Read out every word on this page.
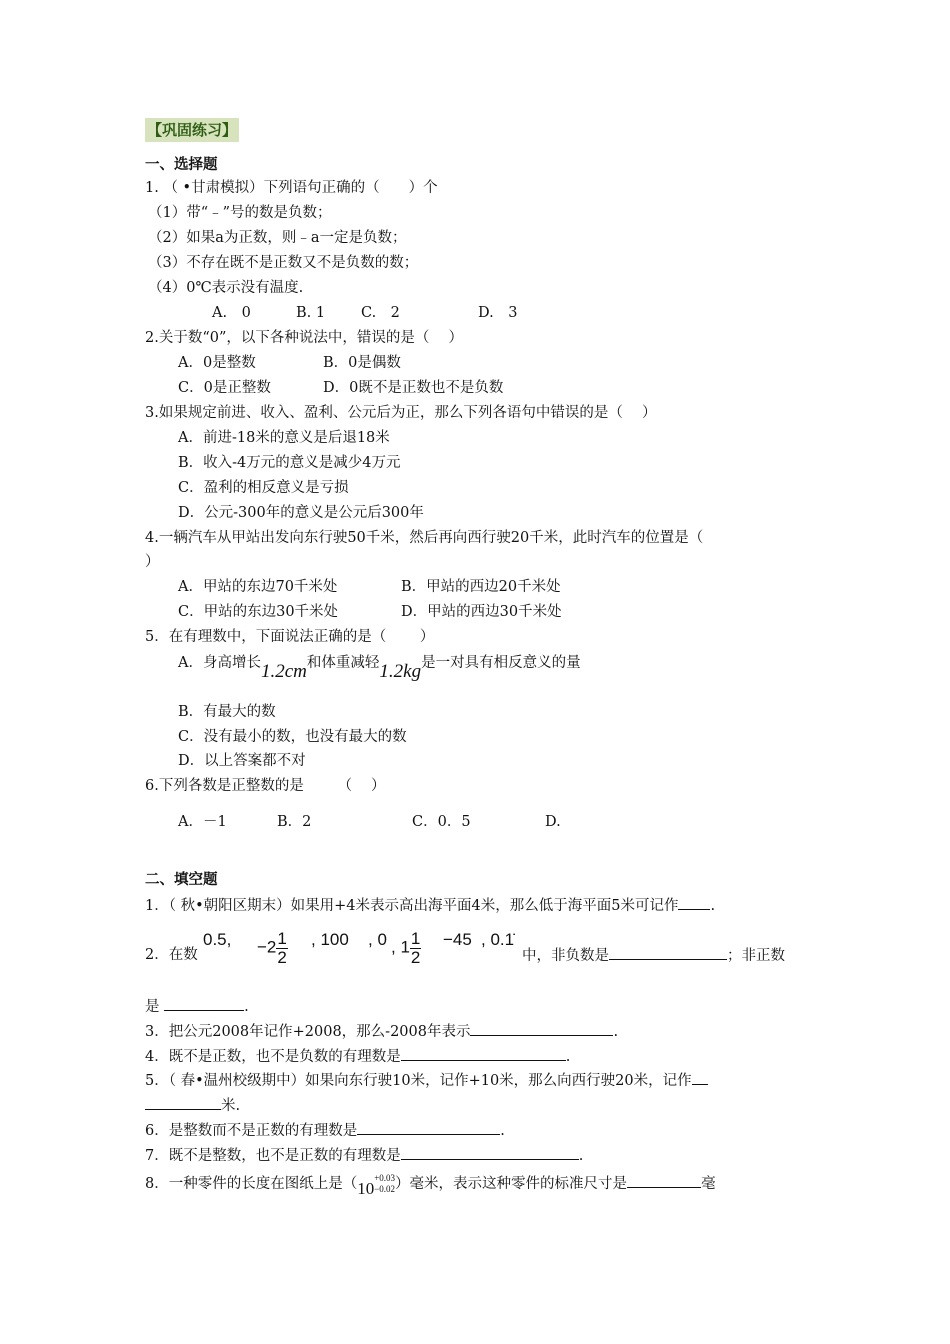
【巩固练习】
一、选择题
1. （ •甘肃模拟）下列语句正确的（　　）个
（1）带“﹣”号的数是负数；
（2）如果a为正数，则﹣a一定是负数；
（3）不存在既不是正数又不是负数的数；
（4）0℃表示没有温度.
A.　0	B. 1 C.　2	D.　3
2.关于数“0”，以下各种说法中，错误的是（　 ）
A．0是整数	B．0是偶数
C．0是正整数	D．0既不是正数也不是负数
3.如果规定前进、收入、盈利、公元后为正，那么下列各语句中错误的是（　 ）
A．前进-18米的意义是后退18米
B．收入-4万元的意义是减少4万元
C．盈利的相反意义是亏损
D．公元-300年的意义是公元后300年
4.一辆汽车从甲站出发向东行驶50千米，然后再向西行驶20千米，此时汽车的位置是（
）
A．甲站的东边70千米处	B．甲站的西边20千米处
C．甲站的东边30千米处	D．甲站的西边30千米处
5．在有理数中，下面说法正确的是（　　 ）
A．身高增长1.2cm和体重减轻1.2kg是一对具有相反意义的量
B．有最大的数
C．没有最小的数，也没有最大的数
D．以上答案都不对
6.下列各数是正整数的是　　 （　 ）
A．－1	B．2	C．0．5	D.
二、填空题
1．（ 秋•朝阳区期末）如果用+4米表示高出海平面4米，那么低于海平面5米可记作 .
2．在数
0.5, $-2 \frac{1}{2}$ , 100 , 0 , $1 \frac{1}{2} -45$ , 0.1̇
中，非负数是	；非正数
是	.
3．把公元2008年记作+2008，那么-2008年表示	.
4．既不是正数，也不是负数的有理数是	.
5．（ 春•温州校级期中）如果向东行驶10米，记作+10米，那么向西行驶20米，记作
米.
6．是整数而不是正数的有理数是	.
7．既不是整数，也不是正数的有理数是	.
8．一种零件的长度在图纸上是（10
+0.03
−0.02 ）毫米，表示这种零件的标准尺寸是	毫
